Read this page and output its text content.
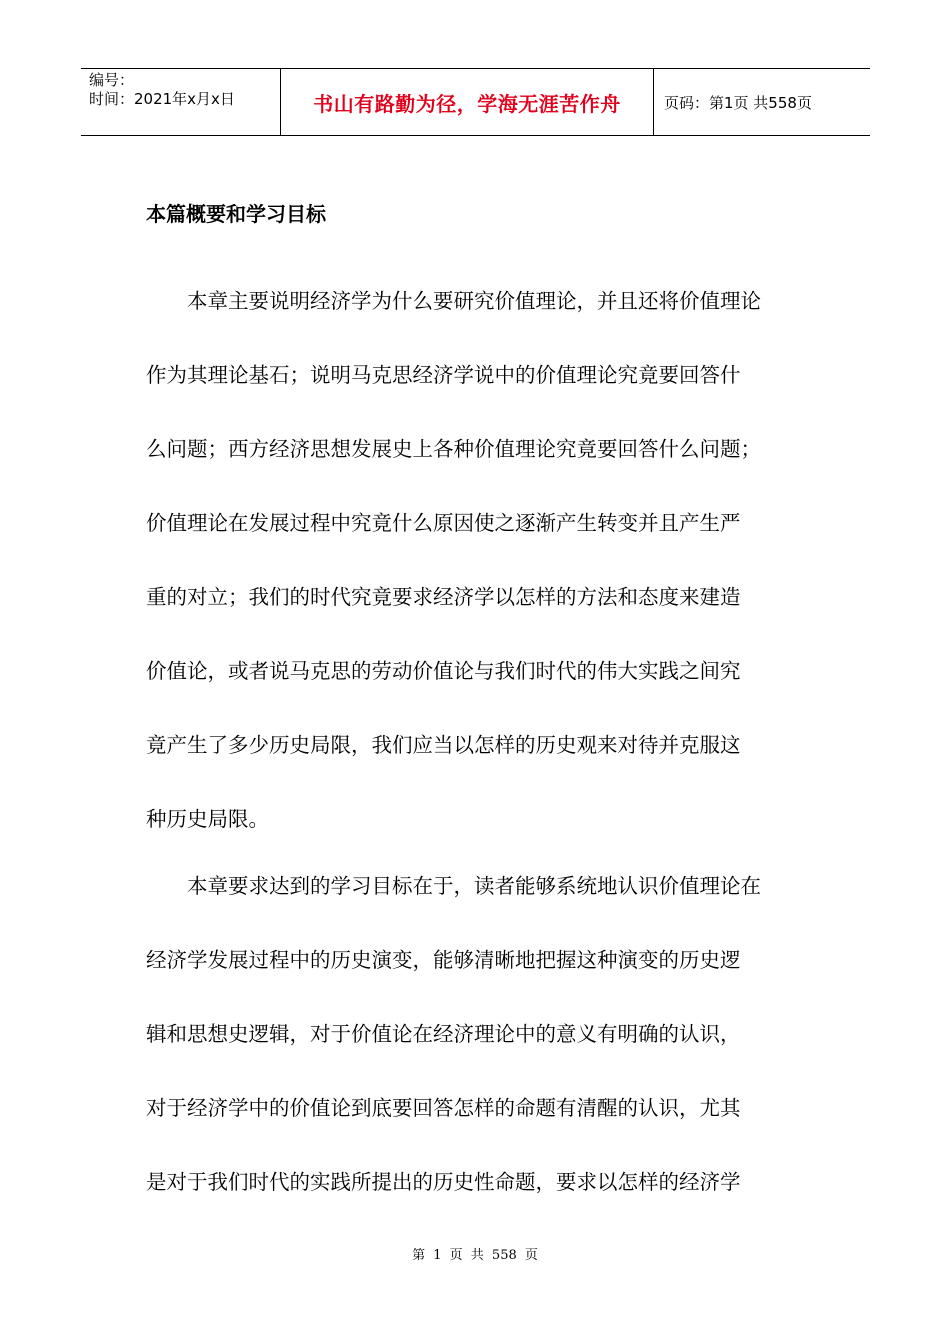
编号：
时间：2021年x月x日	书山有路勤为径，学海无涯苦作舟	页码：第1页 共558页
本篇概要和学习目标
　　本章主要说明经济学为什么要研究价值理论，并且还将价值理论
作为其理论基石；说明马克思经济学说中的价值理论究竟要回答什
么问题；西方经济思想发展史上各种价值理论究竟要回答什么问题；
价值理论在发展过程中究竟什么原因使之逐渐产生转变并且产生严
重的对立；我们的时代究竟要求经济学以怎样的方法和态度来建造
价值论，或者说马克思的劳动价值论与我们时代的伟大实践之间究
竟产生了多少历史局限，我们应当以怎样的历史观来对待并克服这
种历史局限。
　　本章要求达到的学习目标在于，读者能够系统地认识价值理论在
经济学发展过程中的历史演变，能够清晰地把握这种演变的历史逻
辑和思想史逻辑，对于价值论在经济理论中的意义有明确的认识，
对于经济学中的价值论到底要回答怎样的命题有清醒的认识，尤其
是对于我们时代的实践所提出的历史性命题，要求以怎样的经济学
第 1 页 共 558 页
